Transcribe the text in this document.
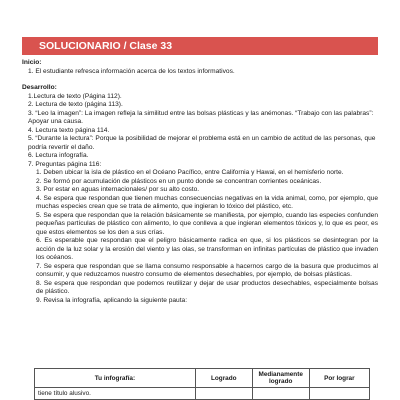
SOLUCIONARIO / Clase 33
Inicio:
1. El estudiante refresca información acerca de los textos informativos.
Desarrollo:
1.Lectura de texto (Página 112).
2. Lectura de texto (página 113).
3. “Leo la imagen”: La imagen refleja la similitud entre las bolsas plásticas y las anémonas. “Trabajo con las palabras”: Apoyar una causa.
4. Lectura texto página 114.
5. “Durante la lectura”: Porque la posibilidad de mejorar el problema está en un cambio de actitud de las personas, que podría revertir el daño.
6. Lectura infografía.
7. Preguntas página 116:
1. Deben ubicar la isla de plástico en el Océano Pacífico, entre California y Hawai, en el hemisferio norte.
2. Se formó por acumulación de plásticos en un punto donde se concentran corrientes oceánicas.
3. Por estar en aguas internacionales/ por su alto costo.
4. Se espera que respondan que tienen muchas consecuencias negativas en la vida animal, como, por ejemplo, que muchas especies crean que se trata de alimento, que ingieran lo tóxico del plástico, etc.
5. Se espera que respondan que la relación básicamente se manifiesta, por ejemplo, cuando las especies confunden pequeñas partículas de plástico con alimento, lo que conlleva a que ingieran elementos tóxicos y, lo que es peor, es que estos elementos se los den a sus crías.
6. Es esperable que respondan que el peligro básicamente radica en que, si los plásticos se desintegran por la acción de la luz solar y la erosión del viento y las olas, se transforman en infinitas partículas de plástico que invaden los océanos.
7. Se espera que respondan que se llama consumo responsable a hacernos cargo de la basura que producimos al consumir, y que reduzcamos nuestro consumo de elementos desechables, por ejemplo, de bolsas plásticas.
8. Se espera que respondan que podemos reutilizar y dejar de usar productos desechables, especialmente bolsas de plástico.
9. Revisa la infografía, aplicando la siguiente pauta:
Tu infografía:	Logrado	Medianamente logrado	Por lograr
tiene título alusivo.			
